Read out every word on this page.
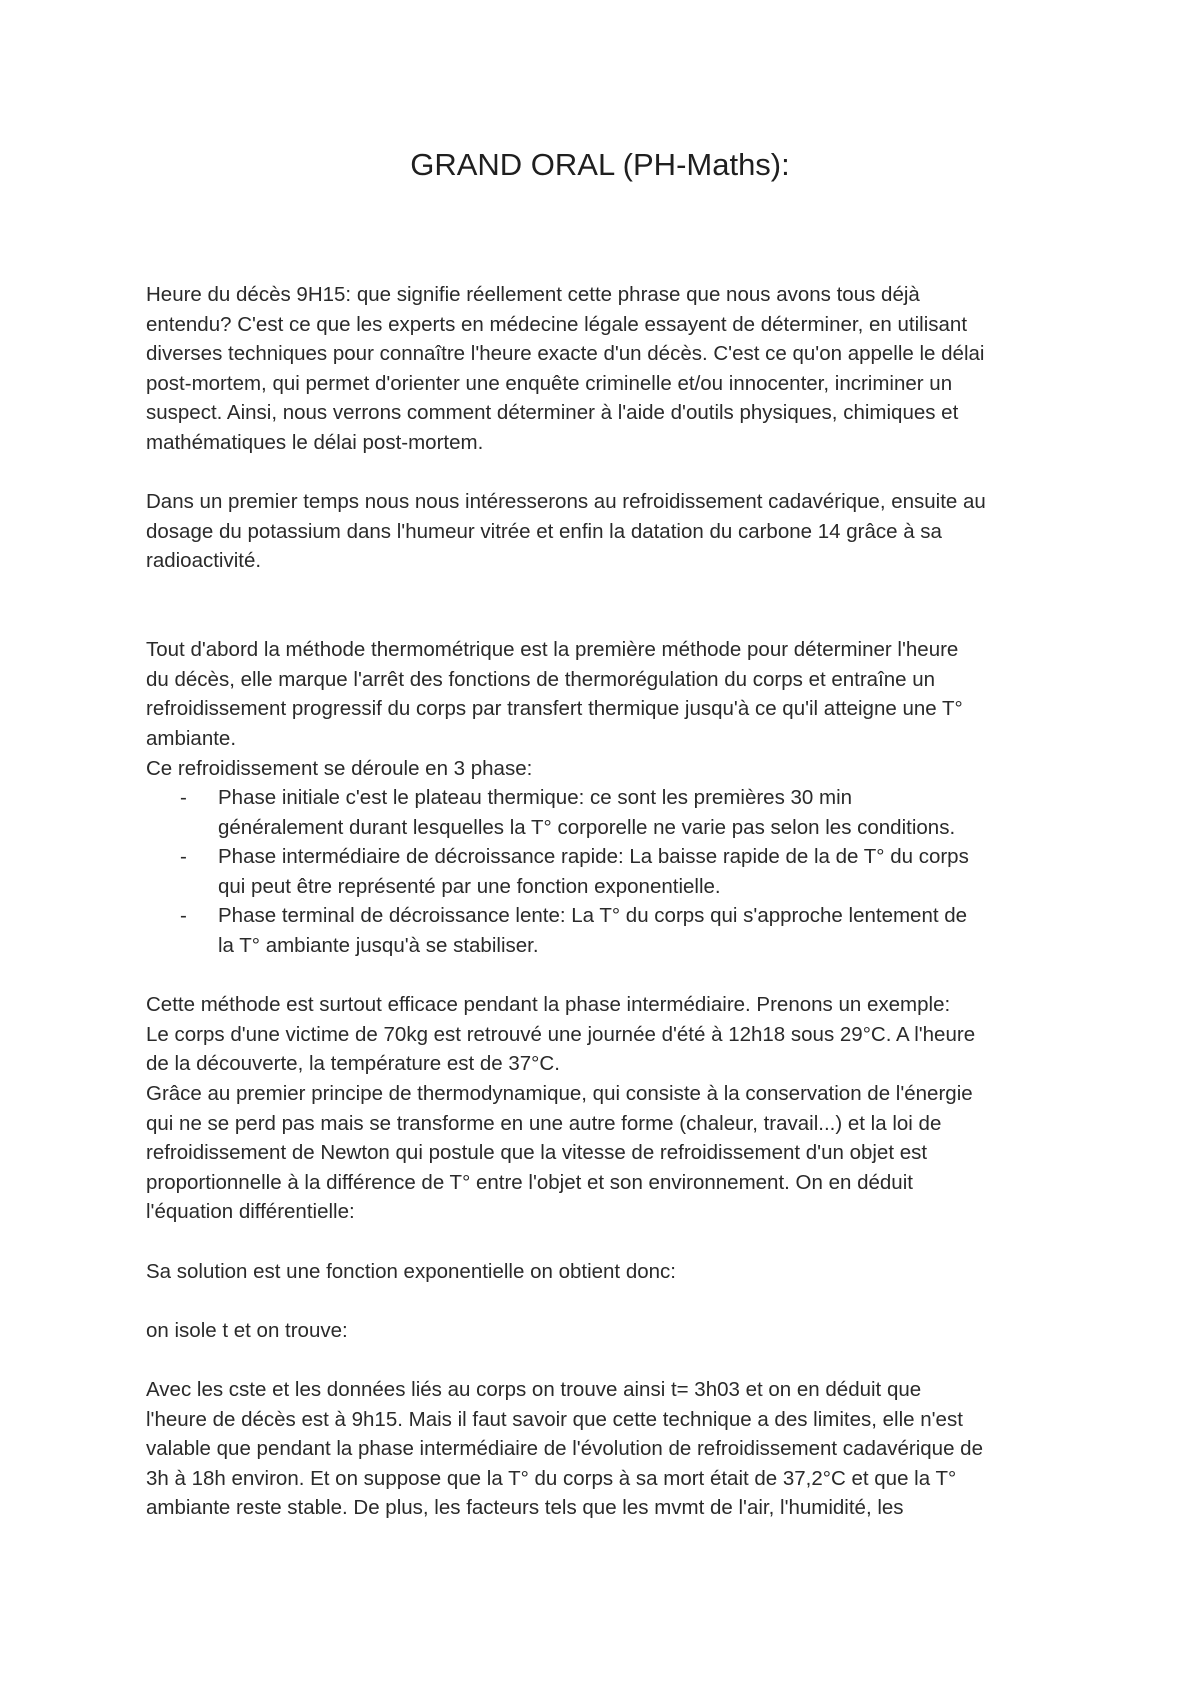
GRAND ORAL (PH-Maths):

Heure du décès 9H15: que signifie réellement cette phrase que nous avons tous déjà

entendu? C'est ce que les experts en médecine légale essayent de déterminer, en utilisant

diverses techniques pour connaître l'heure exacte d'un décès. C'est ce qu'on appelle le délai

post-mortem, qui permet d'orienter une enquête criminelle et/ou innocenter, incriminer un

suspect. Ainsi, nous verrons comment déterminer à l'aide d'outils physiques, chimiques et

mathématiques le délai post-mortem.

Dans un premier temps nous nous intéresserons au refroidissement cadavérique, ensuite au

dosage du potassium dans l'humeur vitrée et enfin la datation du carbone 14 grâce à sa

radioactivité.

Tout d'abord la méthode thermométrique est la première méthode pour déterminer l'heure

du décès, elle marque l'arrêt des fonctions de thermorégulation du corps et entraîne un

refroidissement progressif du corps par transfert thermique jusqu'à ce qu'il atteigne une T°

ambiante.

Ce refroidissement se déroule en 3 phase:

- Phase initiale c'est le plateau thermique: ce sont les premières 30 min

généralement durant lesquelles la T° corporelle ne varie pas selon les conditions.

- Phase intermédiaire de décroissance rapide: La baisse rapide de la de T° du corps

qui peut être représenté par une fonction exponentielle.

- Phase terminal de décroissance lente: La T° du corps qui s'approche lentement de

la T° ambiante jusqu'à se stabiliser.

Cette méthode est surtout efficace pendant la phase intermédiaire. Prenons un exemple:

Le corps d'une victime de 70kg est retrouvé une journée d'été à 12h18 sous 29°C. A l'heure

de la découverte, la température est de 37°C.

Grâce au premier principe de thermodynamique, qui consiste à la conservation de l'énergie

qui ne se perd pas mais se transforme en une autre forme (chaleur, travail...) et la loi de

refroidissement de Newton qui postule que la vitesse de refroidissement d'un objet est

proportionnelle à la différence de T° entre l'objet et son environnement. On en déduit

l'équation différentielle:

Sa solution est une fonction exponentielle on obtient donc:

on isole t et on trouve:

Avec les cste et les données liés au corps on trouve ainsi t= 3h03 et on en déduit que

l'heure de décès est à 9h15. Mais il faut savoir que cette technique a des limites, elle n'est

valable que pendant la phase intermédiaire de l'évolution de refroidissement cadavérique de

3h à 18h environ. Et on suppose que la T° du corps à sa mort était de 37,2°C et que la T°

ambiante reste stable. De plus, les facteurs tels que les mvmt de l'air, l'humidité, les
